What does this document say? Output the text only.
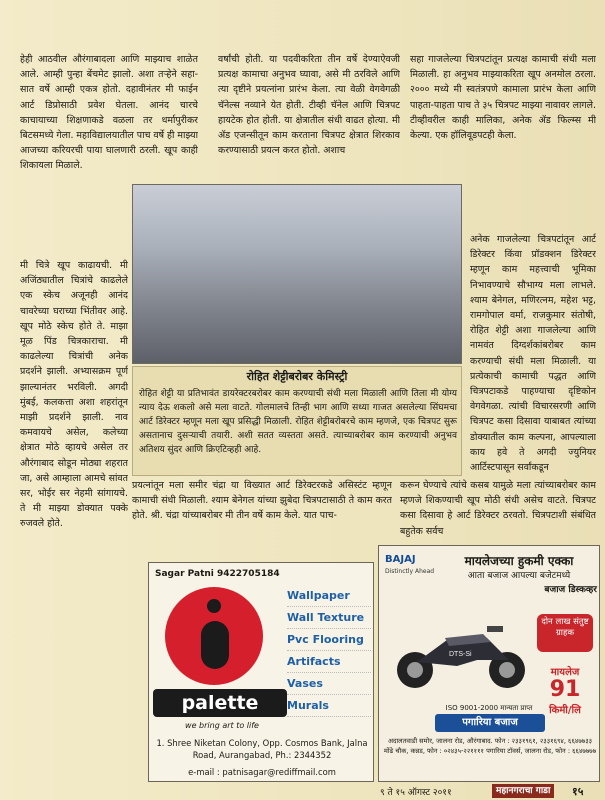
हेही आठवील औरंगाबादला आणि माझ्याच शाळेत आले. आम्ही पुन्हा बेंचमेट झालो. अशा तऱ्हेने सहा-सात वर्षे आम्ही एकत्र होतो. दहावीनंतर मी फाईन आर्ट डिप्रोसाठी प्रवेश घेतला. आनंद चारचे काचायाच्या शिक्षणाकडे वळला तर धर्मापुरीकर बिटसमध्ये गेला. महाविद्यालयातील पाच वर्षे ही माझ्या आजच्या करियरची पाया घालणारी ठरली. खूप काही शिकायला मिळाले.

मी चित्रे खूप काढायची. मी अजिंठ्यातील चित्रांचे काढलेले एक स्केच अजूनही आनंद चावरेच्या घराच्या भिंतीवर आहे. खूप मोठे स्केच होते ते. माझा मूळ पिंड चित्रकाराचा. मी काढलेल्या चित्रांची अनेक प्रदर्शने झाली. अभ्यासक्रम पूर्ण झाल्यानंतर भरविली. अगदी मुंबई, कलकत्ता अशा शहरांतून माझी प्रदर्शने झाली. नाव कमवायचे असेल, कलेच्या क्षेत्रात मोठे व्हायचे असेल तर औरंगाबाद सोडून मोठ्या शहरात जा, असे आम्हाला आमचे सांवत सर, भोईर सर नेहमी सांगायचे. ते मी माझ्या डोक्यात पक्के रुजवले होते.

वर्षांची होती. या पदवीकरिता तीन वर्षे देण्याऐवजी प्रत्यक्ष कामाचा अनुभव घ्यावा, असे मी ठरविले आणि त्या दृष्टीने प्रयत्नांना प्रारंभ केला. त्या वेळी वेगवेगळी चॅनेल्स नव्याने येत होती. टीव्ही चॅनेल आणि चित्रपट हायटेक होत होती. या क्षेत्रातील संधी वाढत होत्या. मी ॲड एजन्सीतून काम करताना चित्रपट क्षेत्रात शिरकाव करण्यासाठी प्रयत्न करत होतो. अशाच

सहा गाजलेल्या चित्रपटांतून प्रत्यक्ष कामाची संधी मला मिळाली. हा अनुभव माझ्याकरिता खूप अनमोल ठरला. २००० मध्ये मी स्वतंत्रपणे कामाला प्रारंभ केला आणि पाहता-पाहता पाच ते ३५ चित्रपट माझ्या नावावर लागले. टीव्हीवरील काही मालिका, अनेक ॲड फिल्म्स मी केल्या. एक हॉलिवूडपटही केला.

अनेक गाजलेल्या चित्रपटांतून आर्ट डिरेक्टर किंवा प्रॉडक्शन डिरेक्टर म्हणून काम महत्त्वाची भूमिका निभावण्याचे सौभाग्य मला लाभले. श्याम बेनेगल, मणिरत्नम, महेश भट्ट, रामगोपाल वर्मा, राजकुमार संतोषी, रोहित शेट्टी अशा गाजलेल्या आणि नामवंत दिग्दर्शकांबरोबर काम करण्याची संधी मला मिळाली. या प्रत्येकाची कामाची पद्धत आणि चित्रपटाकडे पाहण्याचा दृष्टिकोन वेगवेगळा. त्यांची विचारसरणी आणि चित्रपट कसा दिसावा याबाबत त्यांच्या डोक्यातील काम कल्पना, आपल्याला काय हवे ते अगदी ज्युनियर आर्टिस्टपासून सर्वांकडून

रोहित शेट्टीबरोबर केमिस्ट्री
रोहित शेट्टी या प्रतिभावंत डायरेक्टरबरोबर काम करण्याची संधी मला मिळाली आणि तिला मी योग्य न्याय देऊ शकलो असे मला वाटते. गोलमालचे तिन्ही भाग आणि सध्या गाजत असलेल्या सिंघमचा आर्ट डिरेक्टर म्हणून मला खूप प्रसिद्धी मिळाली. रोहित शेट्टीबरोबरचे काम म्हणजे, एक चित्रपट सुरू असतानाच दुसऱ्याची तयारी. अशी सतत व्यस्तता असते. त्याच्याबरोबर काम करण्याची अनुभव अतिशय सुंदर आणि क्रिएटिव्हही आहे.

प्रयत्नांतून मला समीर चंद्रा या विख्यात आर्ट डिरेक्टरकडे असिस्टंट म्हणून कामाची संधी मिळाली. श्याम बेनेगल यांच्या झुबेदा चित्रपटासाठी ते काम करत होते. श्री. चंद्रा यांच्याबरोबर मी तीन वर्षे काम केले. यात पाच-

करून घेण्याचे त्यांचे कसब यामुळे मला त्यांच्याबरोबर काम म्हणजे शिकण्याची खूप मोठी संधी असेच वाटते. चित्रपट कसा दिसावा हे आर्ट डिरेक्टर ठरवतो. चित्रपटाशी संबंधित बहुतेक सर्वच

Sagar Patni 9422705184
palette
we bring art to life
Wallpaper
Wall Texture
Pvc Flooring
Artifacts
Vases
Murals
1. Shree Niketan Colony, Opp. Cosmos Bank, Jalna Road, Aurangabad, Ph.: 2344352
e-mail : patnisagar@rediffmail.com
BAJAJ
Distinctly Ahead
मायलेजच्या हुकमी एक्का
आता बजाज आपल्या बजेटमध्ये
बजाज डिस्कव्हर
DTS-Si
दोन लाख संतुष्ट ग्राहक
मायलेज
91
किमी/लि
ISO 9001-2000 मान्यता प्राप्त
पगारिया बजाज
अदालतवाडी समोर, जालना रोड, औरंगाबाद. फोन : २३३१९६१, २३३१६९४, ६६४७७३३ मोंढे चौक, कन्नड, फोन : ०२४३५-२२११११ पगारिया टॉवर्स, जालना रोड, फोन : ६६४७७७७
९ ते १५ ऑगस्ट २०११	महानगराचा गाडा	१५
